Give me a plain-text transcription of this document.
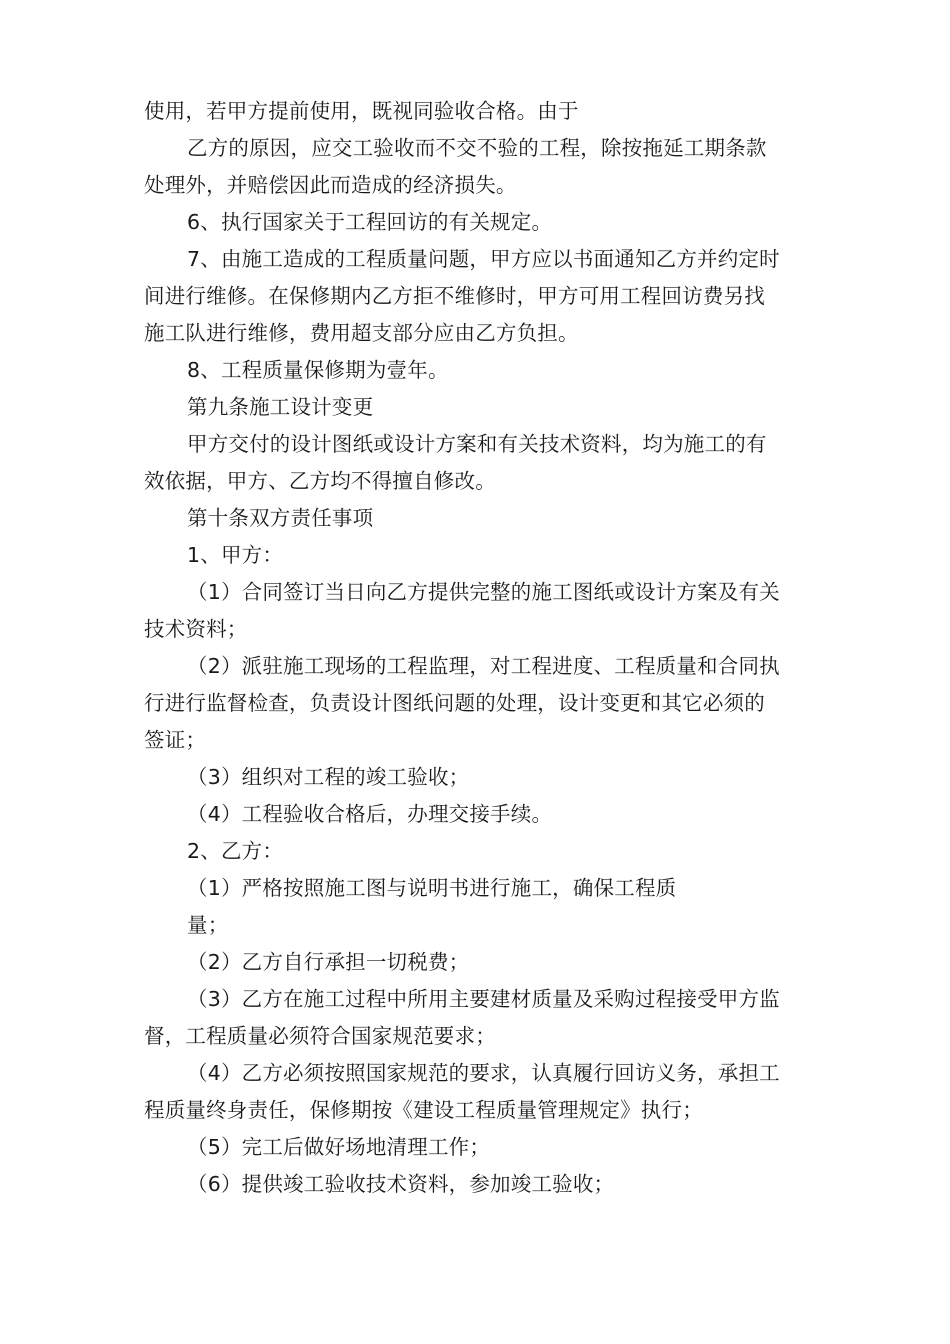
使用，若甲方提前使用，既视同验收合格。由于
乙方的原因，应交工验收而不交不验的工程，除按拖延工期条款
处理外，并赔偿因此而造成的经济损失。
6、执行国家关于工程回访的有关规定。
7、由施工造成的工程质量问题，甲方应以书面通知乙方并约定时
间进行维修。在保修期内乙方拒不维修时，甲方可用工程回访费另找
施工队进行维修，费用超支部分应由乙方负担。
8、工程质量保修期为壹年。
第九条施工设计变更
甲方交付的设计图纸或设计方案和有关技术资料，均为施工的有
效依据，甲方、乙方均不得擅自修改。
第十条双方责任事项
1、甲方：
（1）合同签订当日向乙方提供完整的施工图纸或设计方案及有关
技术资料；
（2）派驻施工现场的工程监理，对工程进度、工程质量和合同执
行进行监督检查，负责设计图纸问题的处理，设计变更和其它必须的
签证；
（3）组织对工程的竣工验收；
（4）工程验收合格后，办理交接手续。
2、乙方：
（1）严格按照施工图与说明书进行施工，确保工程质
量；
（2）乙方自行承担一切税费；
（3）乙方在施工过程中所用主要建材质量及采购过程接受甲方监
督，工程质量必须符合国家规范要求；
（4）乙方必须按照国家规范的要求，认真履行回访义务，承担工
程质量终身责任，保修期按《建设工程质量管理规定》执行；
（5）完工后做好场地清理工作；
（6）提供竣工验收技术资料，参加竣工验收；
